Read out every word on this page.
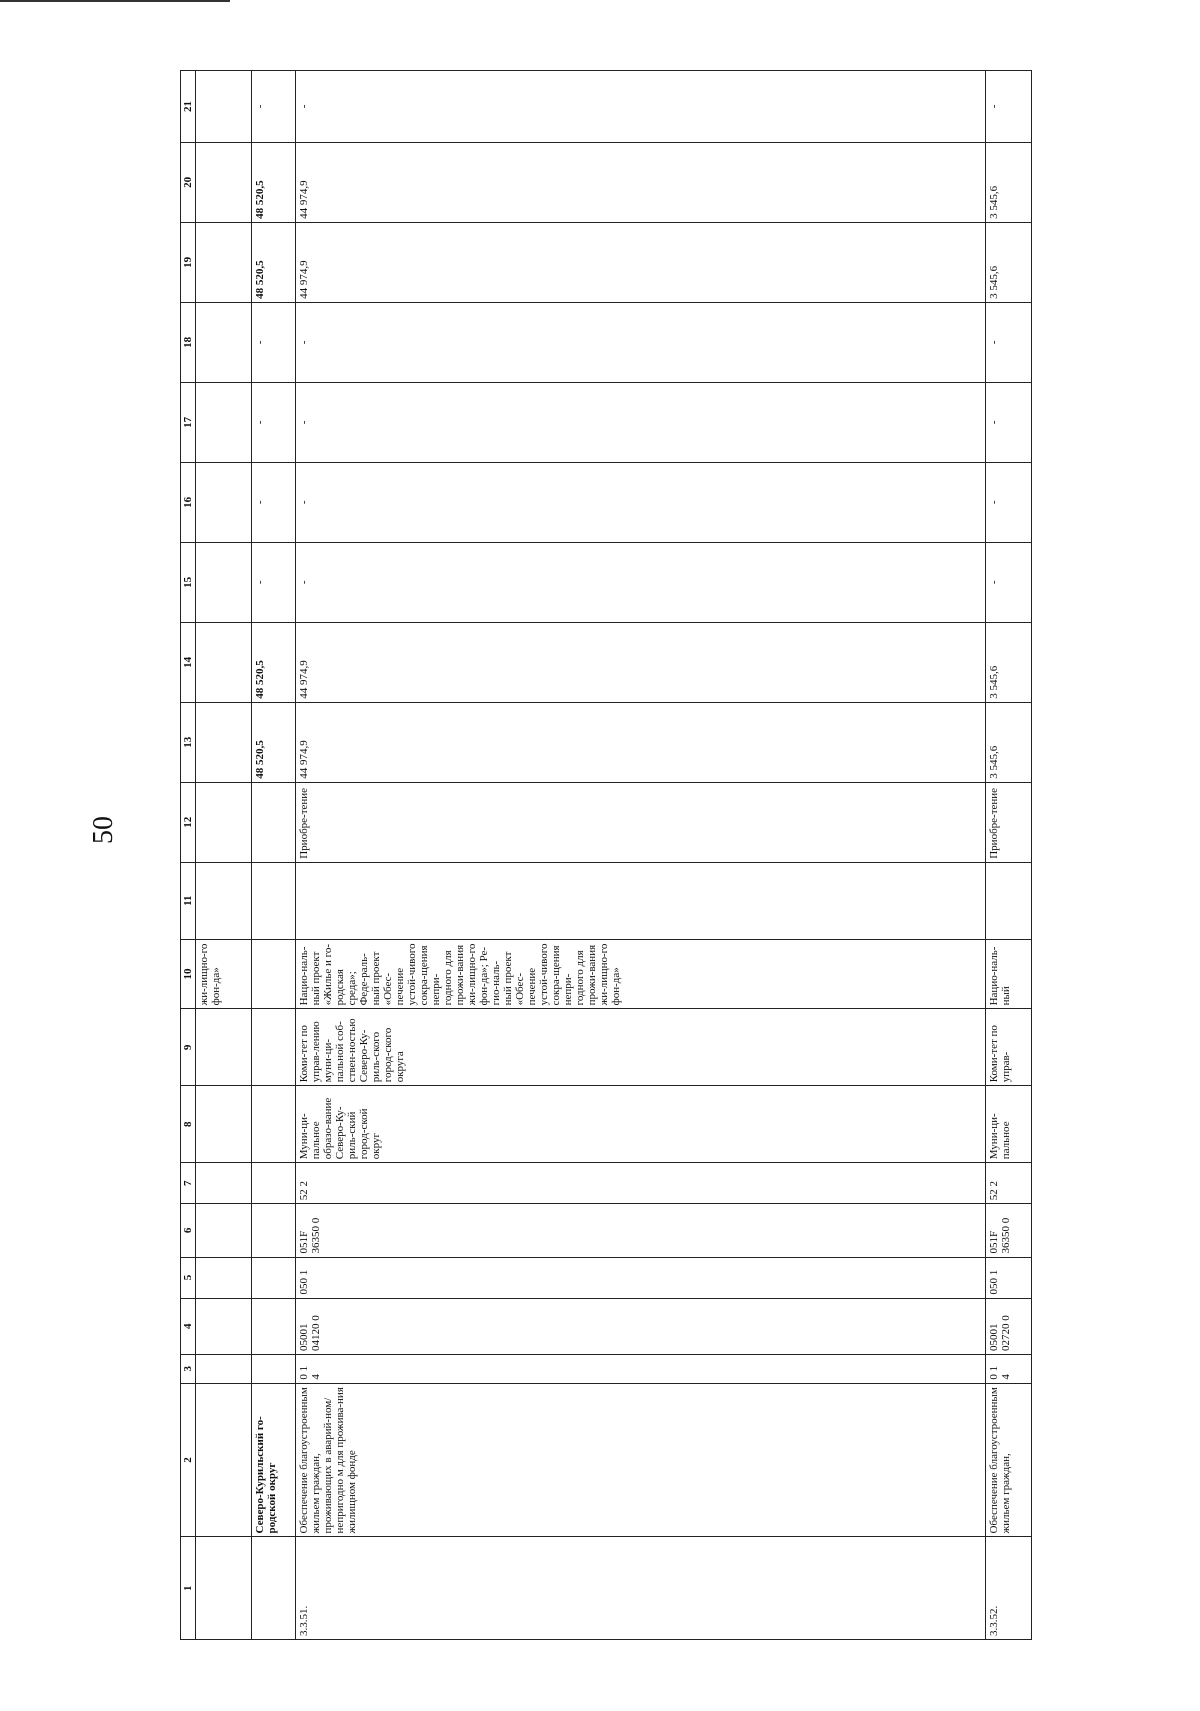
50
1	2	3	4	5	6	7	8	9	10	11	12	13	14	15	16	17	18	19	20	21
									жи-лищно-го фон-да»											
	Северо-Курильский го-родской округ											48 520,5	48 520,5	-	-	-	-	48 520,5	48 520,5	-
3.3.51.	Обеспечение благоустроенным жильем граждан, проживающих в аварий-ном/непригодно м для прожива-ния жилищном фонде	0 1 4	05001 04120 0	050 1	051F 36350 0	52 2	Муни-ци-пальное образо-вание Северо-Ку-риль-ский город-ской округ	Коми-тет по управ-лению муни-ци-пальной соб-ствен-ностью Северо-Ку-риль-ского город-ского округа	Нацио-наль-ный проект «Жилье и го-родская среда»; Феде-раль-ный проект «Обес-печение устой-чивого сокра-щения непри-годного для прожи-вания жи-лищно-го фон-да»; Ре-гио-наль-ный проект «Обес-печение устой-чивого сокра-щения непри-годного для прожи-вания жи-лищно-го фон-да»		Приобре-тение	44 974,9	44 974,9	-	-	-	-	44 974,9	44 974,9	-
3.3.52.	Обеспечение благоустроенным жильем граждан,	0 1 4	05001 02720 0	050 1	051F 36350 0	52 2	Муни-ци-пальное	Коми-тет по управ-	Нацио-наль-ный		Приобре-тение	3 545,6	3 545,6	-	-	-	-	3 545,6	3 545,6	-
